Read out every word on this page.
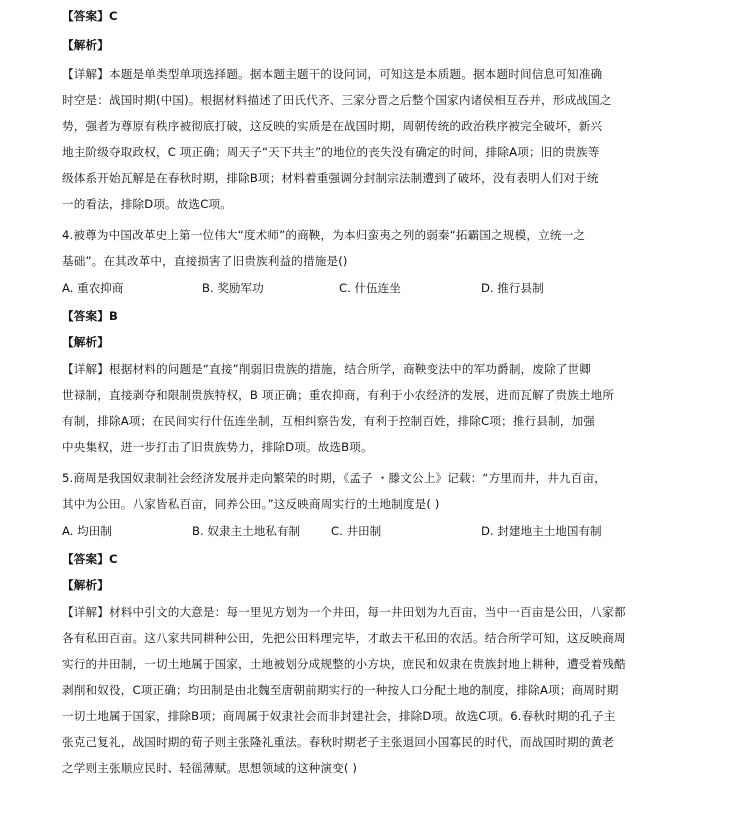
【答案】C
【解析】
【详解】本题是单类型单项选择题。据本题主题干的设问词，可知这是本质题。据本题时间信息可知准确
时空是：战国时期(中国)。根据材料描述了田氏代齐、三家分晋之后整个国家内诸侯相互吞并，形成战国之
势，强者为尊原有秩序被彻底打破，这反映的实质是在战国时期，周朝传统的政治秩序被完全破坏，新兴
地主阶级夺取政权，C 项正确；周天子“天下共主”的地位的丧失没有确定的时间，排除A项；旧的贵族等
级体系开始瓦解是在春秋时期，排除B项；材料着重强调分封制宗法制遭到了破坏，没有表明人们对于统
一的看法，排除D项。故选C项。
4.被尊为中国改革史上第一位伟大“度术师”的商鞅，为本归蛮夷之列的弱秦“拓霸国之规模，立统一之
基础”。在其改革中，直接损害了旧贵族利益的措施是()
A. 重农抑商	B. 奖励军功	C. 什伍连坐	D. 推行县制
【答案】B
【解析】
【详解】根据材料的问题是“直接”削弱旧贵族的措施，结合所学，商鞅变法中的军功爵制，废除了世卿
世禄制，直接剥夺和限制贵族特权，B 项正确；重农抑商，有利于小农经济的发展，进而瓦解了贵族土地所
有制，排除A项；在民间实行什伍连坐制，互相纠察告发，有利于控制百姓，排除C项；推行县制，加强
中央集权，进一步打击了旧贵族势力，排除D项。故选B项。
5.商周是我国奴隶制社会经济发展并走向繁荣的时期，《孟子 ・滕文公上》记载：“方里而井，井九百亩，
其中为公田。八家皆私百亩，同养公田。”这反映商周实行的土地制度是( )
A. 均田制	B. 奴隶主土地私有制	C. 井田制	D. 封建地主土地国有制
【答案】C
【解析】
【详解】材料中引文的大意是：每一里见方划为一个井田，每一井田划为九百亩，当中一百亩是公田，八家都
各有私田百亩。这八家共同耕种公田，先把公田料理完毕，才敢去干私田的农活。结合所学可知，这反映商周
实行的井田制，一切土地属于国家，土地被划分成规整的小方块，庶民和奴隶在贵族封地上耕种，遭受着残酷
剥削和奴役，C项正确；均田制是由北魏至唐朝前期实行的一种按人口分配土地的制度，排除A项；商周时期
一切土地属于国家，排除B项；商周属于奴隶社会而非封建社会，排除D项。故选C项。6.春秋时期的孔子主
张克己复礼，战国时期的荀子则主张隆礼重法。春秋时期老子主张退回小国寡民的时代，而战国时期的黄老
之学则主张顺应民时、轻徭薄赋。思想领域的这种演变( )
